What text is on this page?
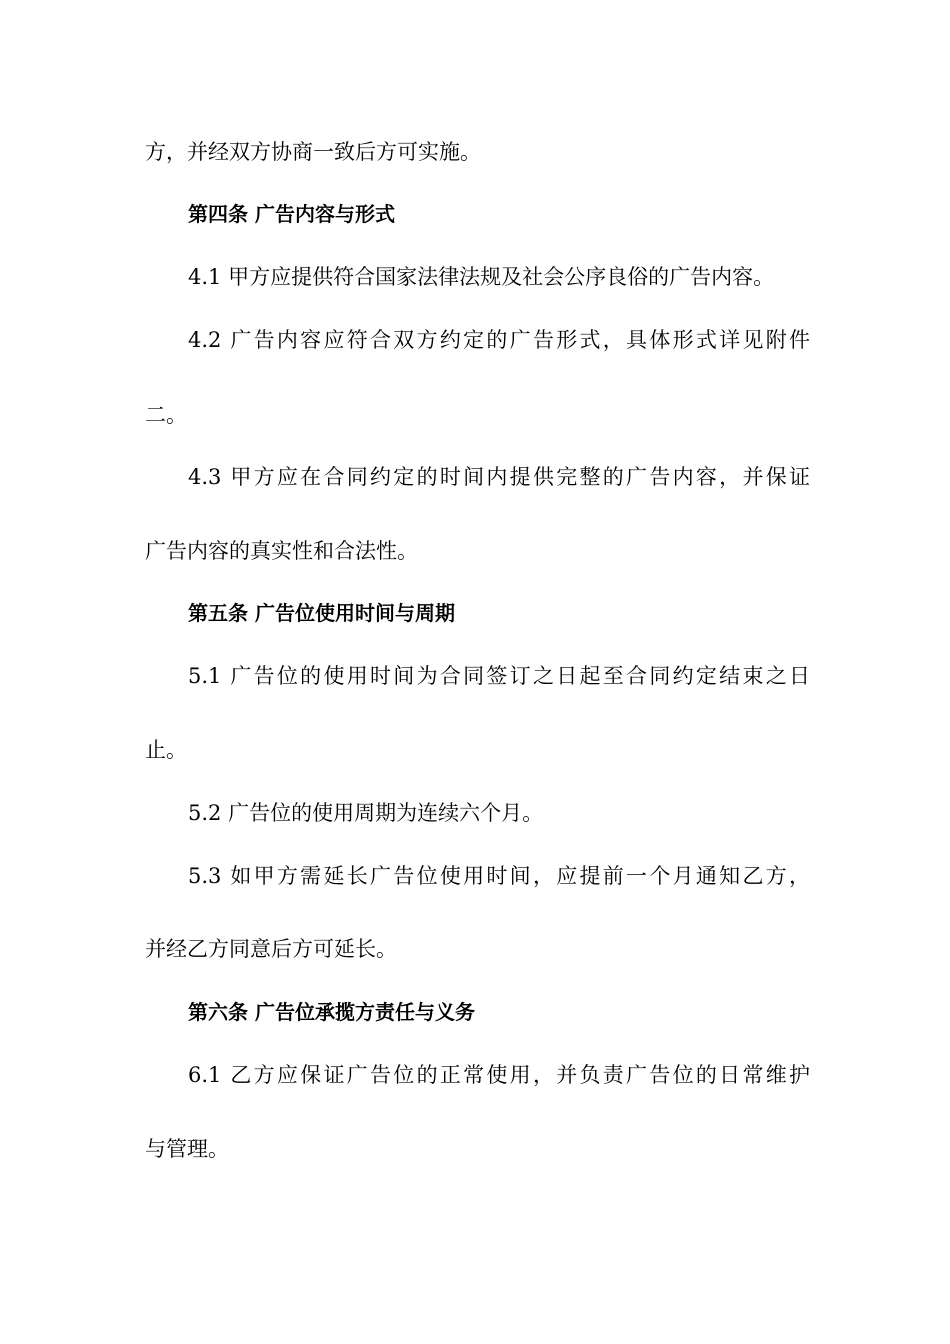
方，并经双方协商一致后方可实施。
第四条 广告内容与形式
4.1 甲方应提供符合国家法律法规及社会公序良俗的广告内容。
4.2 广告内容应符合双方约定的广告形式，具体形式详见附件
二。
4.3 甲方应在合同约定的时间内提供完整的广告内容，并保证
广告内容的真实性和合法性。
第五条 广告位使用时间与周期
5.1 广告位的使用时间为合同签订之日起至合同约定结束之日
止。
5.2 广告位的使用周期为连续六个月。
5.3 如甲方需延长广告位使用时间，应提前一个月通知乙方，
并经乙方同意后方可延长。
第六条 广告位承揽方责任与义务
6.1 乙方应保证广告位的正常使用，并负责广告位的日常维护
与管理。
